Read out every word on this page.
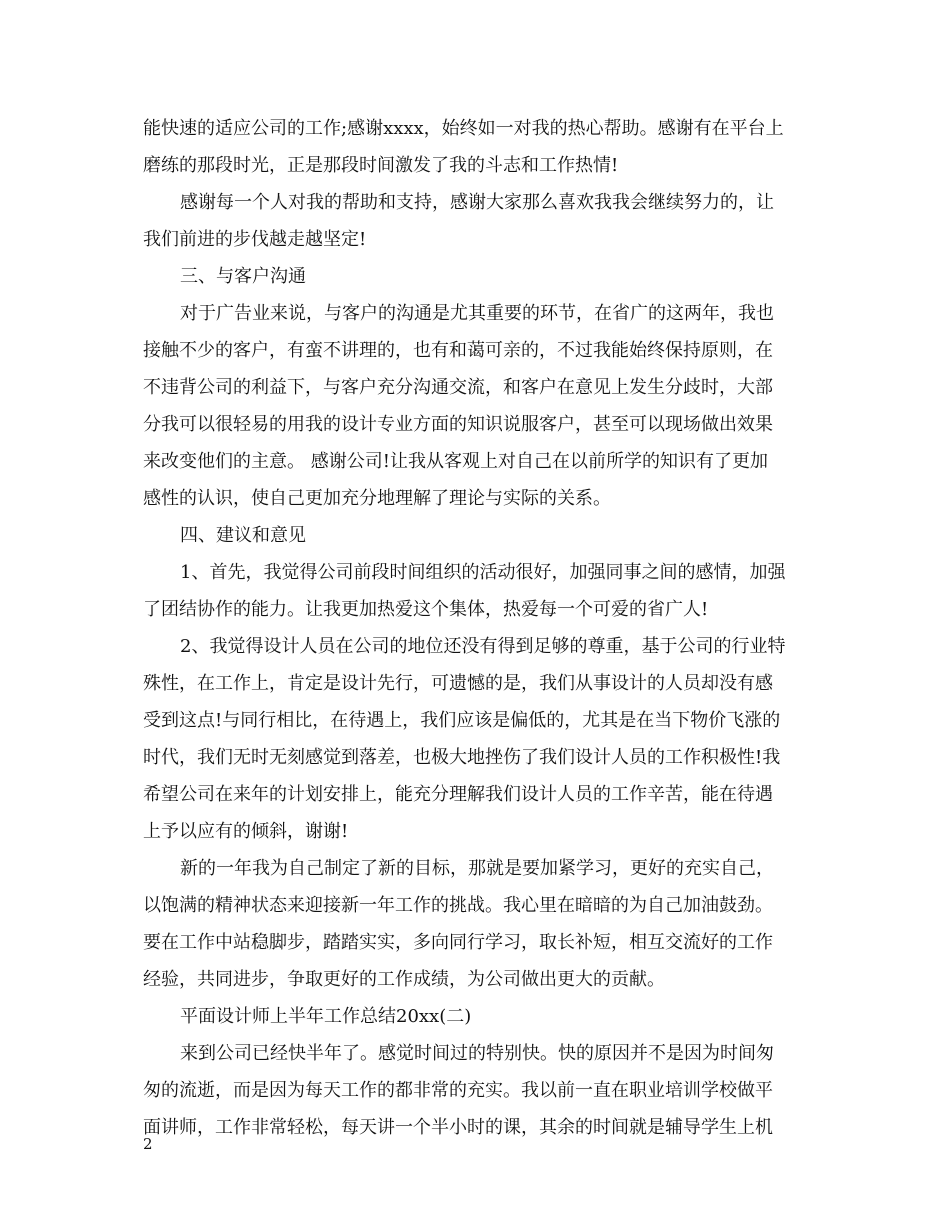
能快速的适应公司的工作;感谢xxxx，始终如一对我的热心帮助。感谢有在平台上
磨练的那段时光，正是那段时间激发了我的斗志和工作热情!
感谢每一个人对我的帮助和支持，感谢大家那么喜欢我我会继续努力的，让
我们前进的步伐越走越坚定!
三、与客户沟通
对于广告业来说，与客户的沟通是尤其重要的环节，在省广的这两年，我也
接触不少的客户，有蛮不讲理的，也有和蔼可亲的，不过我能始终保持原则，在
不违背公司的利益下，与客户充分沟通交流，和客户在意见上发生分歧时，大部
分我可以很轻易的用我的设计专业方面的知识说服客户，甚至可以现场做出效果
来改变他们的主意。 感谢公司!让我从客观上对自己在以前所学的知识有了更加
感性的认识，使自己更加充分地理解了理论与实际的关系。
四、建议和意见
1、首先，我觉得公司前段时间组织的活动很好，加强同事之间的感情，加强
了团结协作的能力。让我更加热爱这个集体，热爱每一个可爱的省广人!
2、我觉得设计人员在公司的地位还没有得到足够的尊重，基于公司的行业特
殊性，在工作上，肯定是设计先行，可遗憾的是，我们从事设计的人员却没有感
受到这点!与同行相比，在待遇上，我们应该是偏低的，尤其是在当下物价飞涨的
时代，我们无时无刻感觉到落差，也极大地挫伤了我们设计人员的工作积极性!我
希望公司在来年的计划安排上，能充分理解我们设计人员的工作辛苦，能在待遇
上予以应有的倾斜，谢谢!
新的一年我为自己制定了新的目标，那就是要加紧学习，更好的充实自己，
以饱满的精神状态来迎接新一年工作的挑战。我心里在暗暗的为自己加油鼓劲。
要在工作中站稳脚步，踏踏实实，多向同行学习，取长补短，相互交流好的工作
经验，共同进步，争取更好的工作成绩，为公司做出更大的贡献。
平面设计师上半年工作总结20xx(二)
来到公司已经快半年了。感觉时间过的特别快。快的原因并不是因为时间匆
匆的流逝，而是因为每天工作的都非常的充实。我以前一直在职业培训学校做平
面讲师，工作非常轻松，每天讲一个半小时的课，其余的时间就是辅导学生上机
2
